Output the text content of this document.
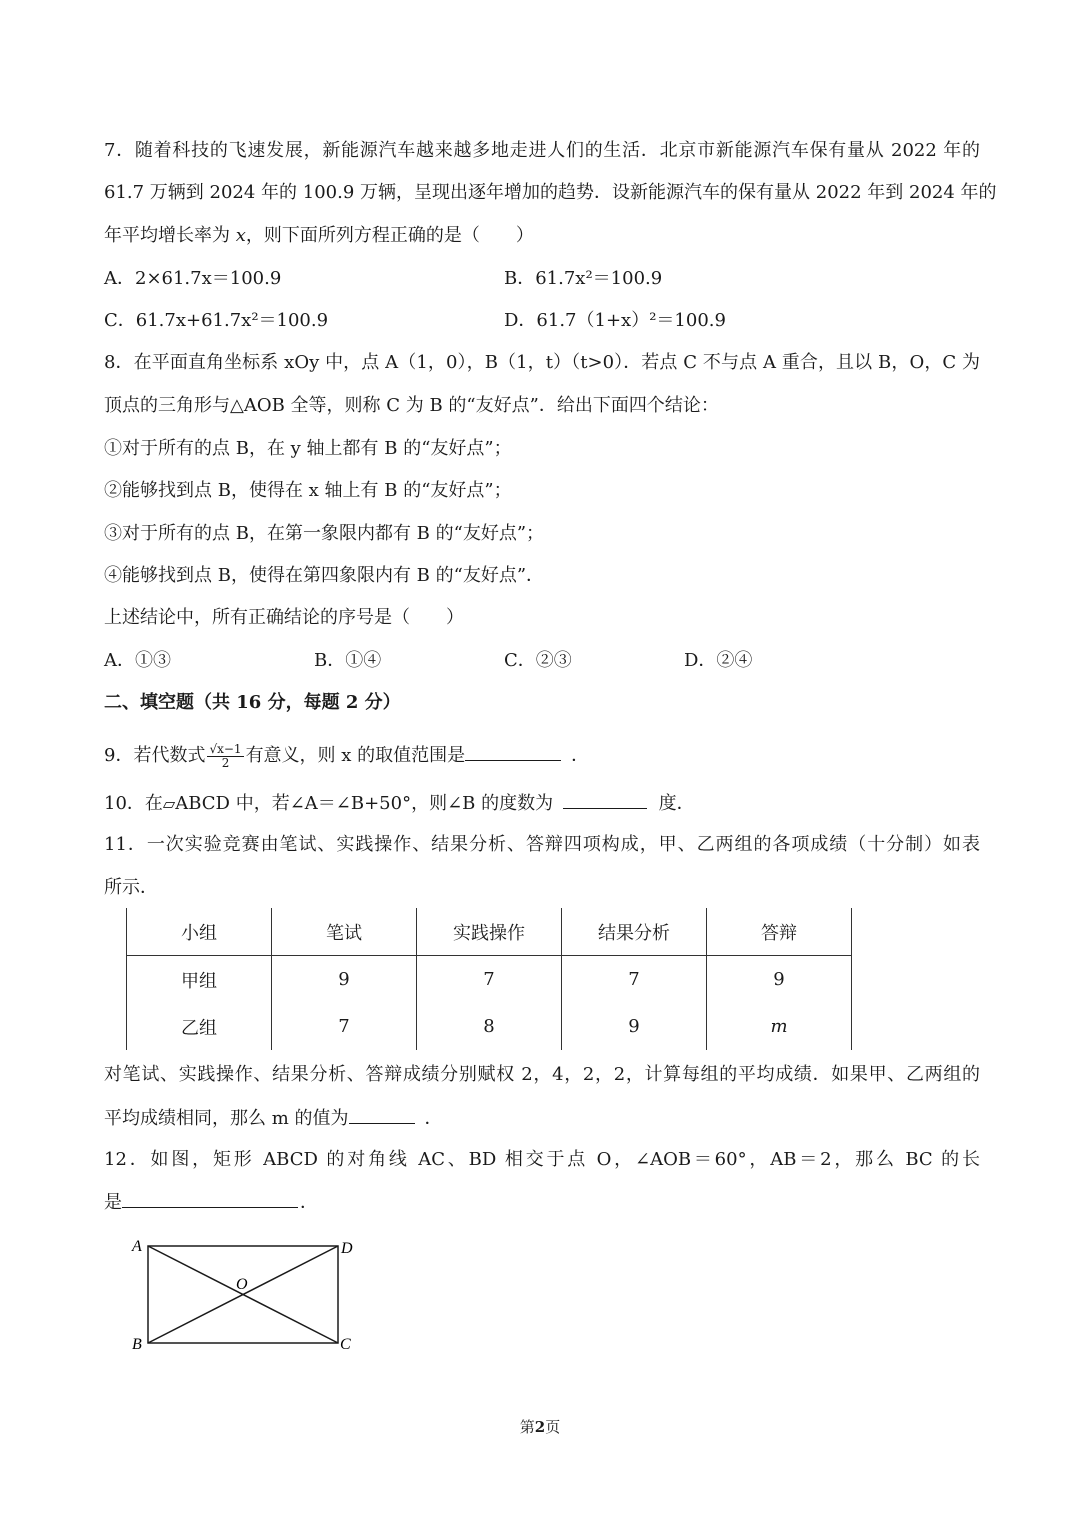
7．随着科技的飞速发展，新能源汽车越来越多地走进人们的生活．北京市新能源汽车保有量从 2022 年的
61.7 万辆到 2024 年的 100.9 万辆，呈现出逐年增加的趋势．设新能源汽车的保有量从 2022 年到 2024 年的
年平均增长率为 x，则下面所列方程正确的是（　　）
A．2×61.7x＝100.9	B．61.7x²＝100.9
C．61.7x+61.7x²＝100.9	D．61.7（1+x）²＝100.9
8．在平面直角坐标系 xOy 中，点 A（1，0），B（1，t）（t>0）．若点 C 不与点 A 重合，且以 B，O，C 为
顶点的三角形与△AOB 全等，则称 C 为 B 的“友好点”．给出下面四个结论：
①对于所有的点 B，在 y 轴上都有 B 的“友好点”；
②能够找到点 B，使得在 x 轴上有 B 的“友好点”；
③对于所有的点 B，在第一象限内都有 B 的“友好点”；
④能够找到点 B，使得在第四象限内有 B 的“友好点”．
上述结论中，所有正确结论的序号是（　　）
A．①③	B．①④	C．②③	D．②④
二、填空题（共 16 分，每题 2 分）
9．若代数式 $\frac{√x-1}{2}$ 有意义，则 x 的取值范围是	．
10．在▱ABCD 中，若∠A＝∠B+50°，则∠B 的度数为	度．
11．一次实验竞赛由笔试、实践操作、结果分析、答辩四项构成，甲、乙两组的各项成绩（十分制）如表
所示．
小组	笔试	实践操作	结果分析	答辩
甲组	9	7	7	9
乙组	7	8	9	m
对笔试、实践操作、结果分析、答辩成绩分别赋权 2，4，2，2，计算每组的平均成绩．如果甲、乙两组的
平均成绩相同，那么 m 的值为	．
12．如图，矩形 ABCD 的对角线 AC、BD 相交于点 O，∠AOB＝60°，AB＝2，那么 BC 的长
是	．
A	D
B	C
O
第2页
